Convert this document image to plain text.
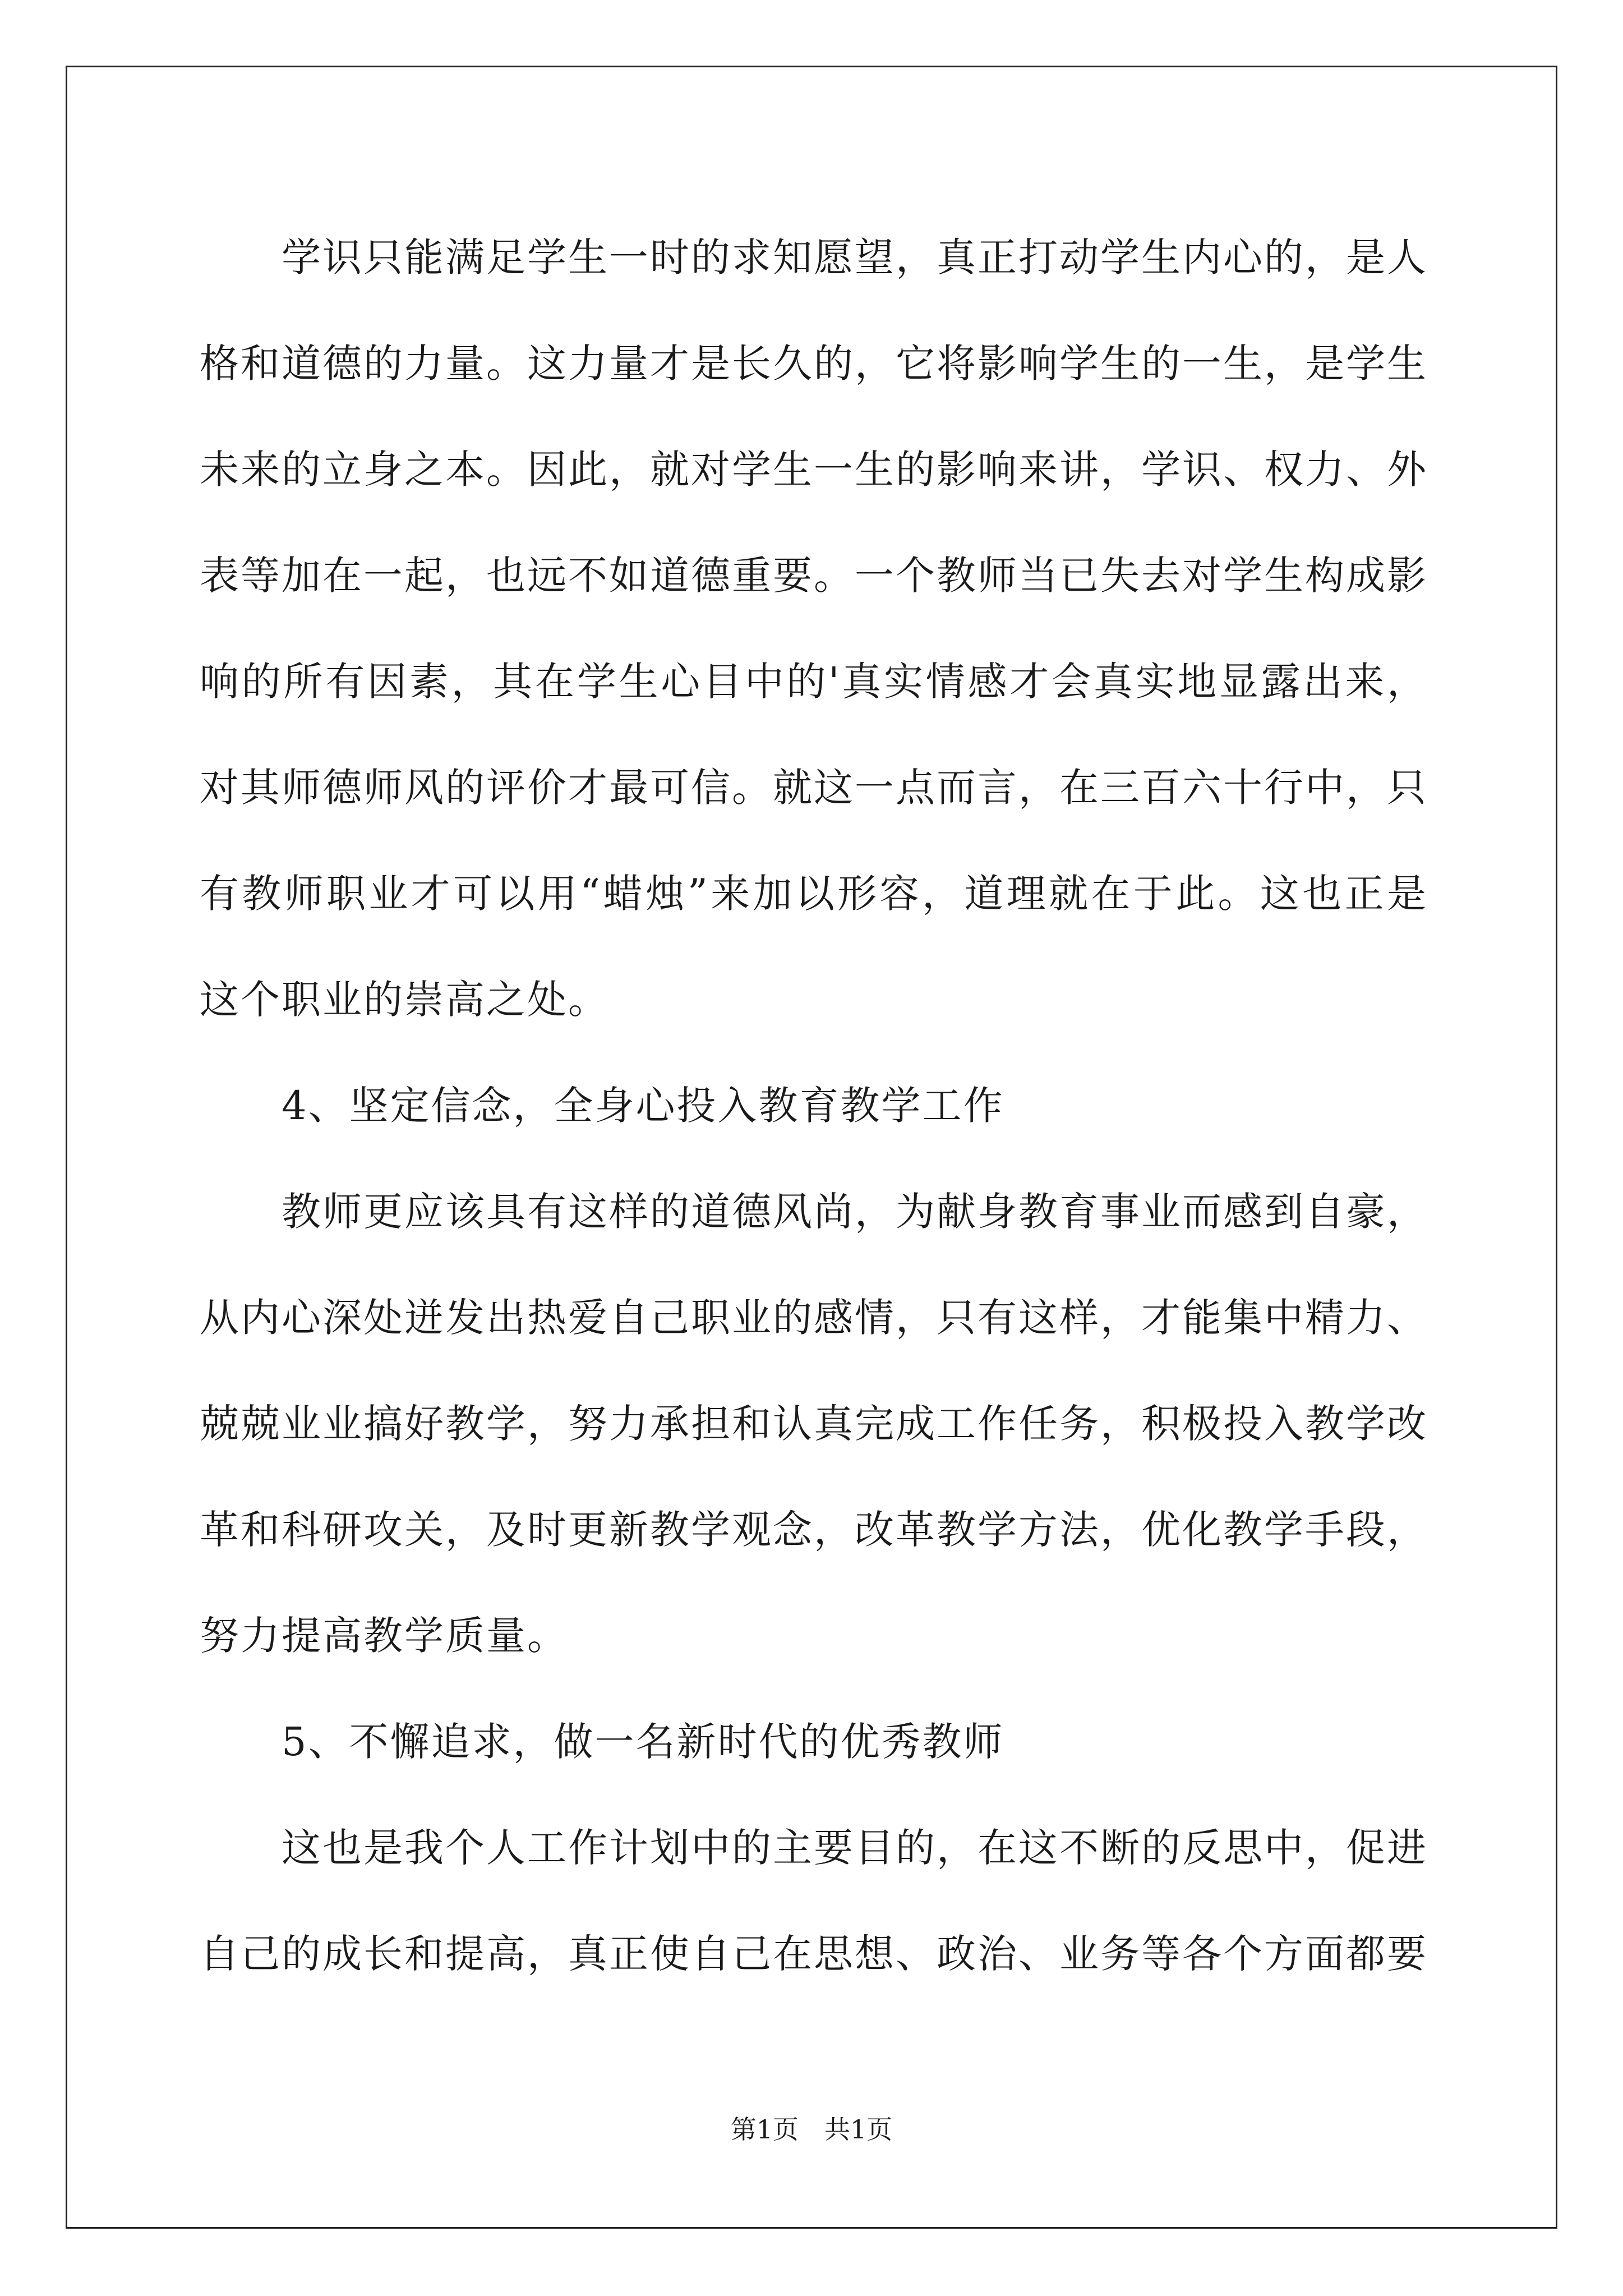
学识只能满足学生一时的求知愿望，真正打动学生内心的，是人格和道德的力量。这力量才是长久的，它将影响学生的一生，是学生未来的立身之本。因此，就对学生一生的影响来讲，学识、权力、外表等加在一起，也远不如道德重要。一个教师当已失去对学生构成影响的所有因素，其在学生心目中的'真实情感才会真实地显露出来，对其师德师风的评价才最可信。就这一点而言，在三百六十行中，只有教师职业才可以用“蜡烛”来加以形容，道理就在于此。这也正是这个职业的崇高之处。

4、坚定信念，全身心投入教育教学工作

教师更应该具有这样的道德风尚，为献身教育事业而感到自豪，从内心深处迸发出热爱自己职业的感情，只有这样，才能集中精力、兢兢业业搞好教学，努力承担和认真完成工作任务，积极投入教学改革和科研攻关，及时更新教学观念，改革教学方法，优化教学手段，努力提高教学质量。

5、不懈追求，做一名新时代的优秀教师

这也是我个人工作计划中的主要目的，在这不断的反思中，促进自己的成长和提高，真正使自己在思想、政治、业务等各个方面都要

第1页　共1页
